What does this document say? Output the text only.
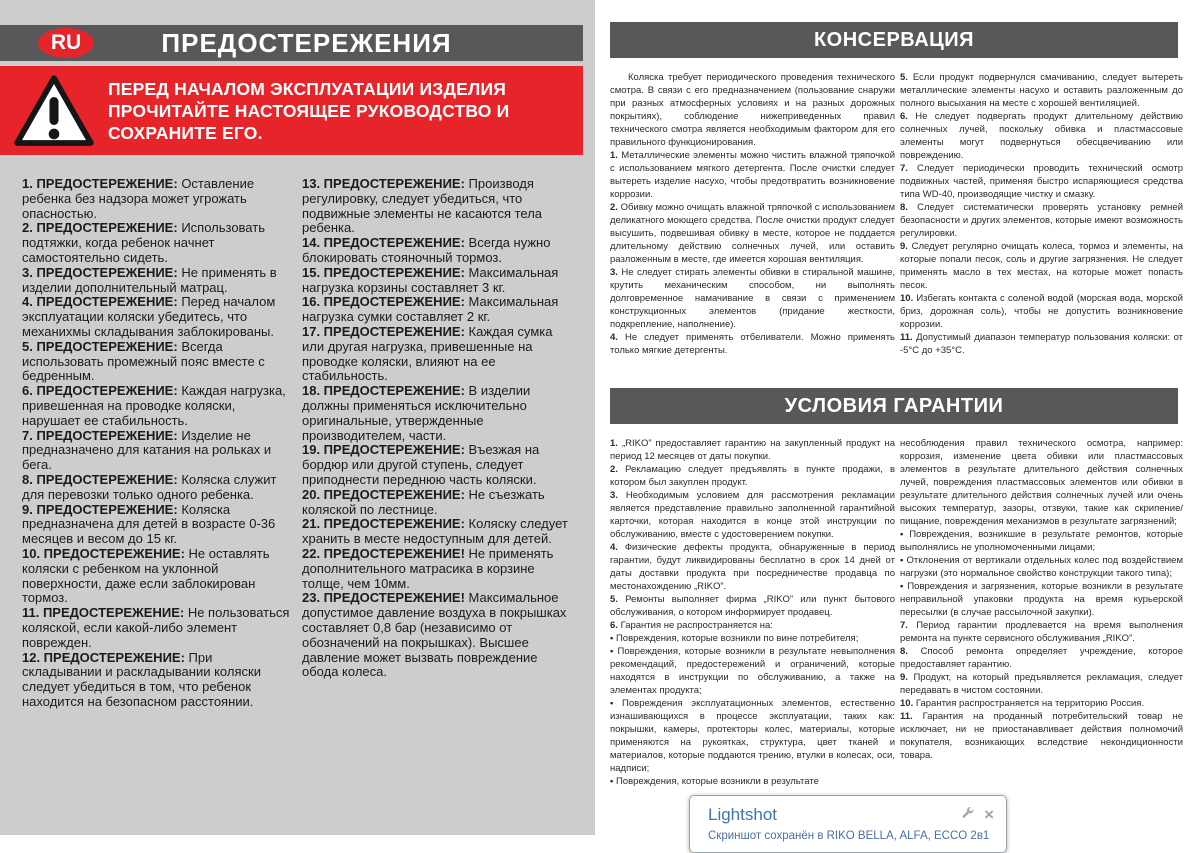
RU	ПРЕДОСТЕРЕЖЕНИЯ
ПЕРЕД НАЧАЛОМ ЭКСПЛУАТАЦИИ ИЗДЕЛИЯ
ПРОЧИТАЙТЕ НАСТОЯЩЕЕ РУКОВОДСТВО И
СОХРАНИТЕ ЕГО.

1. ПРЕДОСТЕРЕЖЕНИЕ: Оставление ребенка без надзора может угрожать опасностью.

2. ПРЕДОСТЕРЕЖЕНИЕ: Использовать подтяжки, когда ребенок начнет самостоятельно сидеть.

3. ПРЕДОСТЕРЕЖЕНИЕ: Не применять в изделии дополнительный матрац.

4. ПРЕДОСТЕРЕЖЕНИЕ: Перед началом эксплуатации коляски убедитесь, что механихмы складывания заблокированы.

5. ПРЕДОСТЕРЕЖЕНИЕ: Всегда использовать промежный пояс вместе с бедренным.

6. ПРЕДОСТЕРЕЖЕНИЕ: Каждая нагрузка, привешенная на проводке коляски, нарушает ее стабильность.

7. ПРЕДОСТЕРЕЖЕНИЕ: Изделие не предназначено для катания на рольках и бега.

8. ПРЕДОСТЕРЕЖЕНИЕ: Коляска служит для перевозки только одного ребенка.

9. ПРЕДОСТЕРЕЖЕНИЕ: Коляска предназначена для детей в возрасте 0-36 месяцев и весом до 15 кг.

10. ПРЕДОСТЕРЕЖЕНИЕ: Не оставлять коляски с ребенком на уклонной поверхности, даже если заблокирован тормоз.

11. ПРЕДОСТЕРЕЖЕНИЕ: Не пользоваться коляской, если какой-либо элемент поврежден.

12. ПРЕДОСТЕРЕЖЕНИЕ: При складывании и раскладывании коляски следует убедиться в том, что ребенок находится на безопасном расстоянии.

13. ПРЕДОСТЕРЕЖЕНИЕ: Производя регулировку, следует убедиться, что подвижные элементы не касаются тела ребенка.

14. ПРЕДОСТЕРЕЖЕНИЕ: Всегда нужно блокировать стояночный тормоз.

15. ПРЕДОСТЕРЕЖЕНИЕ: Максимальная нагрузка корзины составляет 3 кг.

16. ПРЕДОСТЕРЕЖЕНИЕ: Максимальная нагрузка сумки составляет 2 кг.

17. ПРЕДОСТЕРЕЖЕНИЕ: Каждая сумка или другая нагрузка, привешенные на проводке коляски, влияют на ее стабильность.

18. ПРЕДОСТЕРЕЖЕНИЕ: В изделии должны применяться исключительно оригинальные, утвержденные производителем, части.

19. ПРЕДОСТЕРЕЖЕНИЕ: Въезжая на бордюр или другой ступень, следует приподнести переднюю часть коляски.

20. ПРЕДОСТЕРЕЖЕНИЕ: Не съезжать коляской по лестнице.

21. ПРЕДОСТЕРЕЖЕНИЕ: Коляску следует хранить в месте недоступным для детей.

22. ПРЕДОСТЕРЕЖЕНИЕ! Не применять дополнительного матрасика в корзине толще, чем 10мм.

23. ПРЕДОСТЕРЕЖЕНИЕ! Максимальное допустимое давление воздуха в покрышках составляет 0,8 бар (независимо от обозначений на покрышках). Высшее давление может вызвать повреждение обода колеса.

КОНСЕРВАЦИЯ

Коляска требует периодического проведения технического смотра. В связи с его предназначением (пользование снаружи при разных атмосферных условиях и на разных дорожных покрытиях), соблюдение нижеприведенных правил технического смотра является необходимым фактором для его правильного функционирования.

1. Металлические элементы можно чистить влажной тряпочкой с использованием мягкого детергента. После очистки следует вытереть изделие насухо, чтобы предотвратить возникновение коррозии.

2. Обивку можно очищать влажной тряпочкой с использованием деликатного моющего средства. После очистки продукт следует высушить, подвешивая обивку в месте, которое не поддается длительному действию солнечных лучей, или оставить разложенным в месте, где имеется хорошая вентиляция.

3. Не следует стирать элементы обивки в стиральной машине, крутить механическим способом, ни выполнять долговременное намачивание в связи с применением конструкционных элементов (придание жесткости, подкрепление, наполнение).

4. Не следует применять отбеливатели. Можно применять только мягкие детергенты.

5. Если продукт подвернулся смачиванию, следует вытереть металлические элементы насухо и оставить разложенным до полного высыхания на месте с хорошей вентиляцией.

6. Не следует подвергать продукт длительному действию солнечных лучей, поскольку обивка и пластмассовые элементы могут подвернуться обесцвечиванию или повреждению.

7. Следует периодически проводить технический осмотр подвижных частей, применяя быстро испаряющиеся средства типа WD-40, производящие чистку и смазку.

8. Следует систематически проверять установку ремней безопасности и других элементов, которые имеют возможность регулировки.

9. Следует регулярно очищать колеса, тормоз и элементы, на которые попали песок, соль и другие загрязнения. Не следует применять масло в тех местах, на которые может попасть песок.

10. Избегать контакта с соленой водой (морская вода, морской бриз, дорожная соль), чтобы не допустить возникновение коррозии.

11. Допустимый диапазон температур пользования коляски: от -5°С до +35°С.

УСЛОВИЯ ГАРАНТИИ

1. „RIKO” предоставляет гарантию на закупленный продукт на период 12 месяцев от даты покупки.

2. Рекламацию следует предъявлять в пункте продажи, в котором был закуплен продукт.

3. Необходимым условием для рассмотрения рекламации является представление правильно заполненной гарантийной карточки, которая находится в конце этой инструкции по обслуживанию, вместе с удостоверением покупки.

4. Физические дефекты продукта, обнаруженные в период гарантии, будут ликвидированы бесплатно в срок 14 дней от даты доставки продукта при посредничестве продавца по местонахождению „RIKO”.

5. Ремонты выполняет фирма „RIKO” или пункт бытового обслуживания, о котором информирует продавец.

6. Гарантия не распространяется на:

• Повреждения, которые возникли по вине потребителя;

• Повреждения, которые возникли в результате невыполнения рекомендаций, предостережений и ограничений, которые находятся в инструкции по обслуживанию, а также на элементах продукта;

• Повреждения эксплуатационных элементов, естественно изнашивающихся в процессе эксплуатации, таких как: покрышки, камеры, протекторы колес, материалы, которые применяются на рукоятках, структура, цвет тканей и материалов, которые поддаются трению, втулки в колесах, оси, надписи;

• Повреждения, которые возникли в результате

несоблюдения правил технического осмотра, например: коррозия, изменение цвета обивки или пластмассовых элементов в результате длительного действия солнечных лучей, повреждения пластмассовых элементов или обивки в результате длительного действия солнечных лучей или очень высоких температур, зазоры, отзвуки, такие как скрипение/ пищание, повреждения механизмов в результате загрязнений;

• Повреждения, возникшие в результате ремонтов, которые выполнялись не уполномоченными лицами;

• Отклонения от вертикали отдельных колес под воздействием нагрузки (это нормальное свойство конструкции такого типа);

• Повреждения и загрязнения, которые возникли в результате неправильной упаковки продукта на время курьерской пересылки (в случае рассылочной закупки).

7. Период гарантии продлевается на время выполнения ремонта на пункте сервисного обслуживания „RIKO”.

8. Способ ремонта определяет учреждение, которое предоставляет гарантию.

9. Продукт, на который предъявляется рекламация, следует передавать в чистом состоянии.

10. Гарантия распространяется на территорию Россия.

11. Гарантия на проданный потребительский товар не исключает, ни не приостанавливает действия полномочий покупателя, возникающих вследствие некондиционности товара.

Lightshot	×
Скриншот сохранён в RIKO BELLA, ALFA, ECCO 2в1
